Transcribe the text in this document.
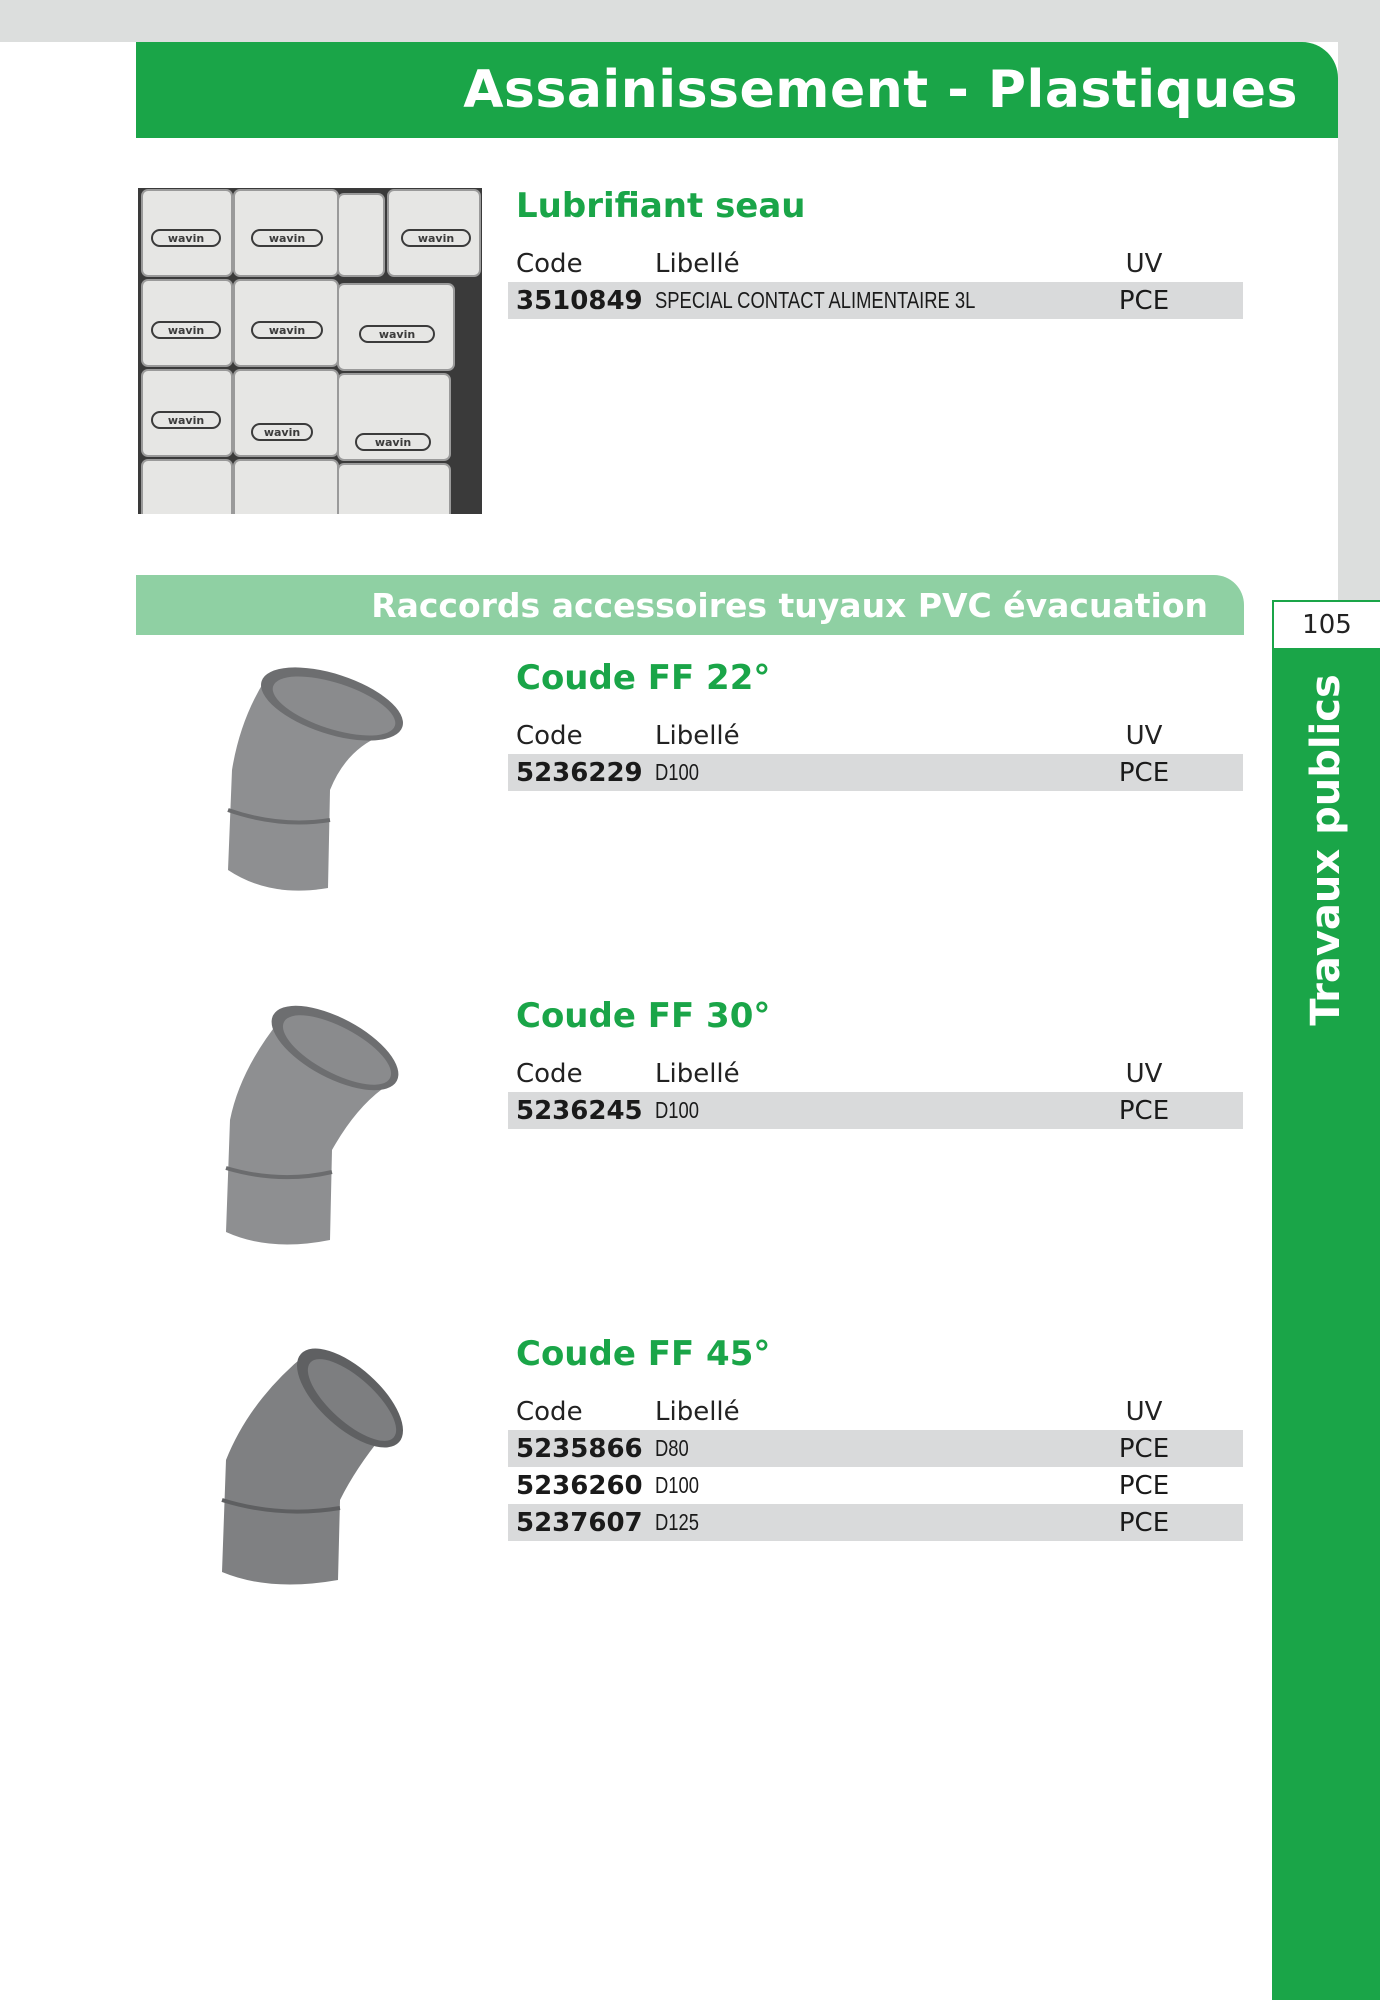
Assainissement - Plastiques
wavin	wavin	wavin
wavin	wavin	wavin
wavin
wavin
wavin
Lubrifiant seau
Code	Libellé	UV
3510849 SPECIAL CONTACT ALIMENTAIRE 3L	PCE
Raccords accessoires tuyaux PVC évacuation
105
Travaux publics
Coude FF 22°
Code	Libellé	UV
5236229 D100	PCE
Coude FF 30°
Code	Libellé	UV
5236245 D100	PCE
Coude FF 45°
Code	Libellé	UV
5235866 D80	PCE
5236260 D100	PCE
5237607 D125	PCE
